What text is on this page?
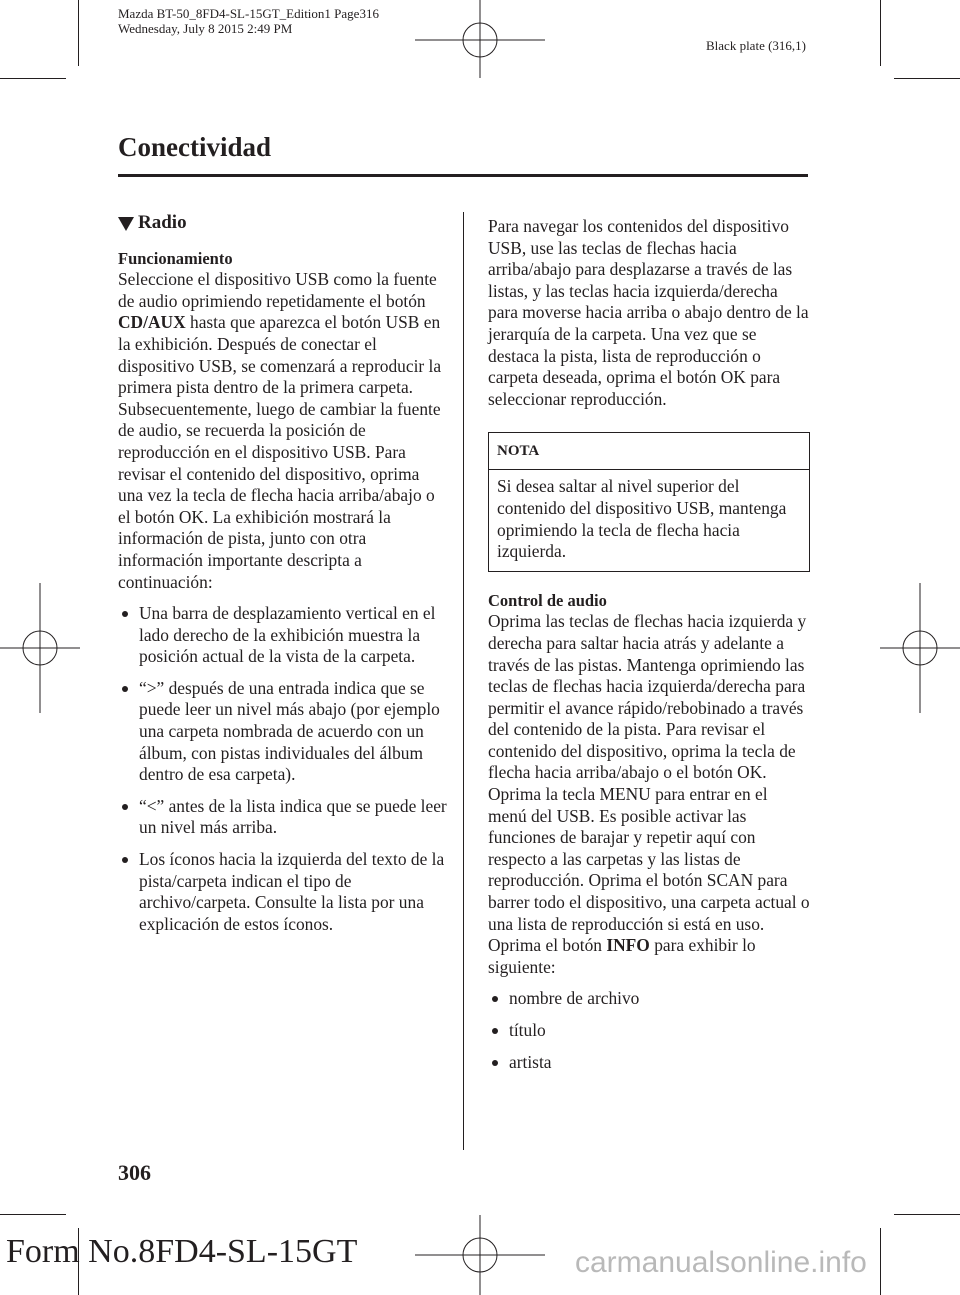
Mazda BT-50_8FD4-SL-15GT_Edition1 Page316
Wednesday, July 8 2015 2:49 PM
Black plate (316,1)
Conectividad
Radio

Funcionamiento

Seleccione el dispositivo USB como la fuente de audio oprimiendo repetidamente el botón CD/AUX hasta que aparezca el botón USB en la exhibición. Después de conectar el dispositivo USB, se comenzará a reproducir la primera pista dentro de la primera carpeta. Subsecuentemente, luego de cambiar la fuente de audio, se recuerda la posición de reproducción en el dispositivo USB. Para revisar el contenido del dispositivo, oprima una vez la tecla de flecha hacia arriba/abajo o el botón OK. La exhibición mostrará la información de pista, junto con otra información importante descripta a continuación:

Una barra de desplazamiento vertical en el lado derecho de la exhibición muestra la posición actual de la vista de la carpeta.
“>” después de una entrada indica que se puede leer un nivel más abajo (por ejemplo una carpeta nombrada de acuerdo con un álbum, con pistas individuales del álbum dentro de esa carpeta).
“<” antes de la lista indica que se puede leer un nivel más arriba.
Los íconos hacia la izquierda del texto de la pista/carpeta indican el tipo de archivo/carpeta. Consulte la lista por una explicación de estos íconos.

Para navegar los contenidos del dispositivo USB, use las teclas de flechas hacia arriba/abajo para desplazarse a través de las listas, y las teclas hacia izquierda/derecha para moverse hacia arriba o abajo dentro de la jerarquía de la carpeta. Una vez que se destaca la pista, lista de reproducción o carpeta deseada, oprima el botón OK para seleccionar reproducción.

NOTA
Si desea saltar al nivel superior del contenido del dispositivo USB, mantenga oprimiendo la tecla de flecha hacia izquierda.

Control de audio

Oprima las teclas de flechas hacia izquierda y derecha para saltar hacia atrás y adelante a través de las pistas. Mantenga oprimiendo las teclas de flechas hacia izquierda/derecha para permitir el avance rápido/rebobinado a través del contenido de la pista. Para revisar el contenido del dispositivo, oprima la tecla de flecha hacia arriba/abajo o el botón OK. Oprima la tecla MENU para entrar en el menú del USB. Es posible activar las funciones de barajar y repetir aquí con respecto a las carpetas y las listas de reproducción. Oprima el botón SCAN para barrer todo el dispositivo, una carpeta actual o una lista de reproducción si está en uso. Oprima el botón INFO para exhibir lo siguiente:

nombre de archivo
título
artista
306
Form No.8FD4-SL-15GT	carmanualsonline.info
